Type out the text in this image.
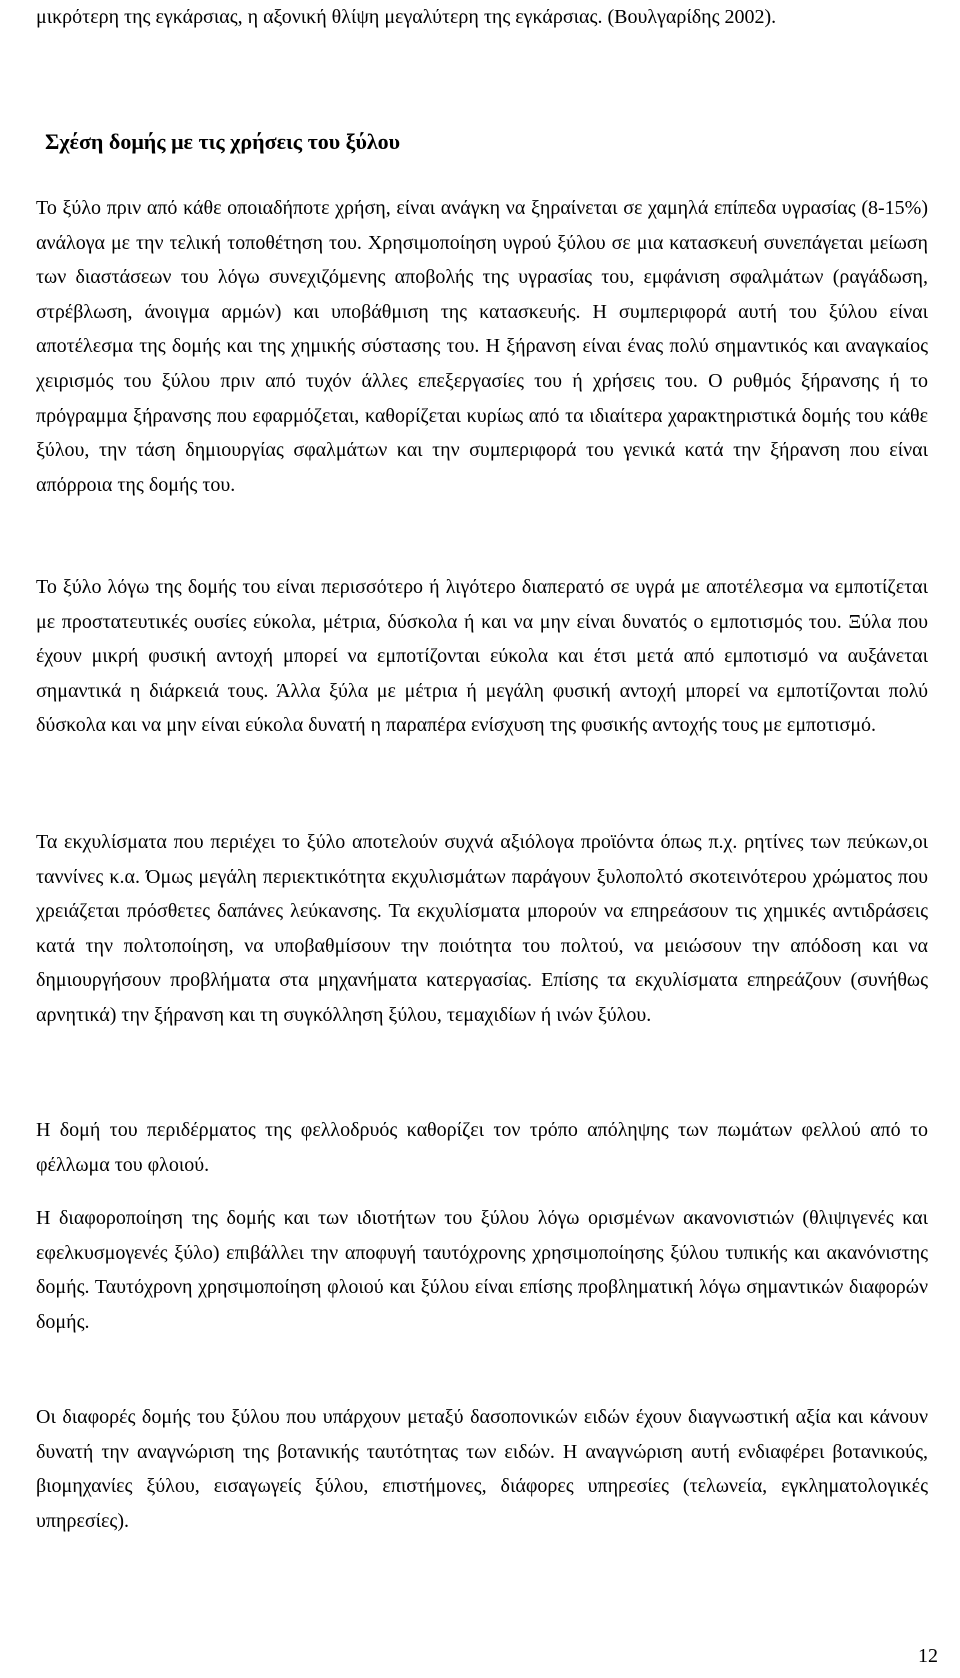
μικρότερη της εγκάρσιας, η αξονική θλίψη μεγαλύτερη της εγκάρσιας. (Βουλγαρίδης 2002).

Σχέση δομής με τις χρήσεις του ξύλου

Το ξύλο πριν από κάθε οποιαδήποτε χρήση, είναι ανάγκη να ξηραίνεται σε χαμηλά επίπεδα υγρασίας (8-15%) ανάλογα με την τελική τοποθέτηση του. Χρησιμοποίηση υγρού ξύλου σε μια κατασκευή συνεπάγεται μείωση των διαστάσεων του λόγω συνεχιζόμενης αποβολής της υγρασίας του, εμφάνιση σφαλμάτων (ραγάδωση, στρέβλωση, άνοιγμα αρμών) και υποβάθμιση της κατασκευής. Η συμπεριφορά αυτή του ξύλου είναι αποτέλεσμα της δομής και της χημικής σύστασης του. Η ξήρανση είναι ένας πολύ σημαντικός και αναγκαίος χειρισμός του ξύλου πριν από τυχόν άλλες επεξεργασίες του ή χρήσεις του. Ο ρυθμός ξήρανσης ή το πρόγραμμα ξήρανσης που εφαρμόζεται, καθορίζεται κυρίως από τα ιδιαίτερα χαρακτηριστικά δομής του κάθε ξύλου, την τάση δημιουργίας σφαλμάτων και την συμπεριφορά του γενικά κατά την ξήρανση που είναι απόρροια της δομής του.

Το ξύλο λόγω της δομής του είναι περισσότερο ή λιγότερο διαπερατό σε υγρά με αποτέλεσμα να εμποτίζεται με προστατευτικές ουσίες εύκολα, μέτρια, δύσκολα ή και να μην είναι δυνατός ο εμποτισμός του. Ξύλα που έχουν μικρή φυσική αντοχή μπορεί να εμποτίζονται εύκολα και έτσι μετά από εμποτισμό να αυξάνεται σημαντικά η διάρκειά τους. Άλλα ξύλα με μέτρια ή μεγάλη φυσική αντοχή μπορεί να εμποτίζονται πολύ δύσκολα και να μην είναι εύκολα δυνατή η παραπέρα ενίσχυση της φυσικής αντοχής τους με εμποτισμό.

Τα εκχυλίσματα που περιέχει το ξύλο αποτελούν συχνά αξιόλογα προϊόντα όπως π.χ. ρητίνες των πεύκων,οι ταννίνες κ.α. Όμως μεγάλη περιεκτικότητα εκχυλισμάτων παράγουν ξυλοπολτό σκοτεινότερου χρώματος που χρειάζεται πρόσθετες δαπάνες λεύκανσης. Τα εκχυλίσματα μπορούν να επηρεάσουν τις χημικές αντιδράσεις κατά την πολτοποίηση, να υποβαθμίσουν την ποιότητα του πολτού, να μειώσουν την απόδοση και να δημιουργήσουν προβλήματα στα μηχανήματα κατεργασίας. Επίσης τα εκχυλίσματα επηρεάζουν (συνήθως αρνητικά) την ξήρανση και τη συγκόλληση ξύλου, τεμαχιδίων ή ινών ξύλου.

Η δομή του περιδέρματος της φελλοδρυός καθορίζει τον τρόπο απόληψης των πωμάτων φελλού από το φέλλωμα του φλοιού.

Η διαφοροποίηση της δομής και των ιδιοτήτων του ξύλου λόγω ορισμένων ακανονιστιών (θλιψιγενές και εφελκυσμογενές ξύλο) επιβάλλει την αποφυγή ταυτόχρονης χρησιμοποίησης ξύλου τυπικής και ακανόνιστης δομής. Ταυτόχρονη χρησιμοποίηση φλοιού και ξύλου είναι επίσης προβληματική λόγω σημαντικών διαφορών δομής.

Οι διαφορές δομής του ξύλου που υπάρχουν μεταξύ δασοπονικών ειδών έχουν διαγνωστική αξία και κάνουν δυνατή την αναγνώριση της βοτανικής ταυτότητας των ειδών. Η αναγνώριση αυτή ενδιαφέρει βοτανικούς, βιομηχανίες ξύλου, εισαγωγείς ξύλου, επιστήμονες, διάφορες υπηρεσίες (τελωνεία, εγκληματολογικές υπηρεσίες).

12
